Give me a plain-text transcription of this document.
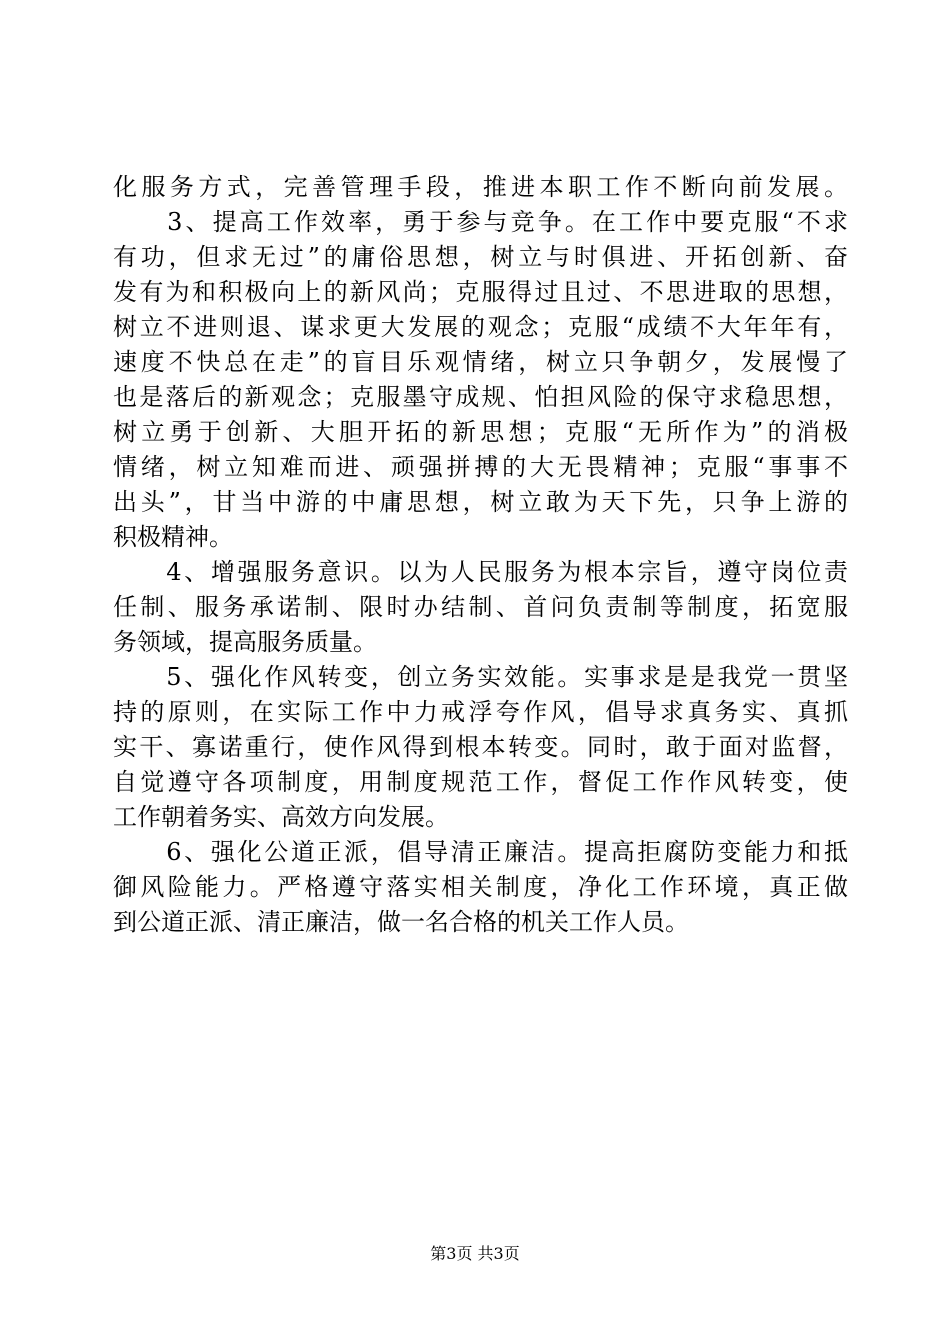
化服务方式，完善管理手段，推进本职工作不断向前发展。
　　3、提高工作效率，勇于参与竞争。在工作中要克服“不求
有功，但求无过”的庸俗思想，树立与时俱进、开拓创新、奋
发有为和积极向上的新风尚；克服得过且过、不思进取的思想，
树立不进则退、谋求更大发展的观念；克服“成绩不大年年有，
速度不快总在走”的盲目乐观情绪，树立只争朝夕，发展慢了
也是落后的新观念；克服墨守成规、怕担风险的保守求稳思想，
树立勇于创新、大胆开拓的新思想；克服“无所作为”的消极
情绪，树立知难而进、顽强拼搏的大无畏精神；克服“事事不
出头”，甘当中游的中庸思想，树立敢为天下先，只争上游的
积极精神。
　　4、增强服务意识。以为人民服务为根本宗旨，遵守岗位责
任制、服务承诺制、限时办结制、首问负责制等制度，拓宽服
务领域，提高服务质量。
　　5、强化作风转变，创立务实效能。实事求是是我党一贯坚
持的原则，在实际工作中力戒浮夸作风，倡导求真务实、真抓
实干、寡诺重行，使作风得到根本转变。同时，敢于面对监督，
自觉遵守各项制度，用制度规范工作，督促工作作风转变，使
工作朝着务实、高效方向发展。
　　6、强化公道正派，倡导清正廉洁。提高拒腐防变能力和抵
御风险能力。严格遵守落实相关制度，净化工作环境，真正做
到公道正派、清正廉洁，做一名合格的机关工作人员。
第3页 共3页
